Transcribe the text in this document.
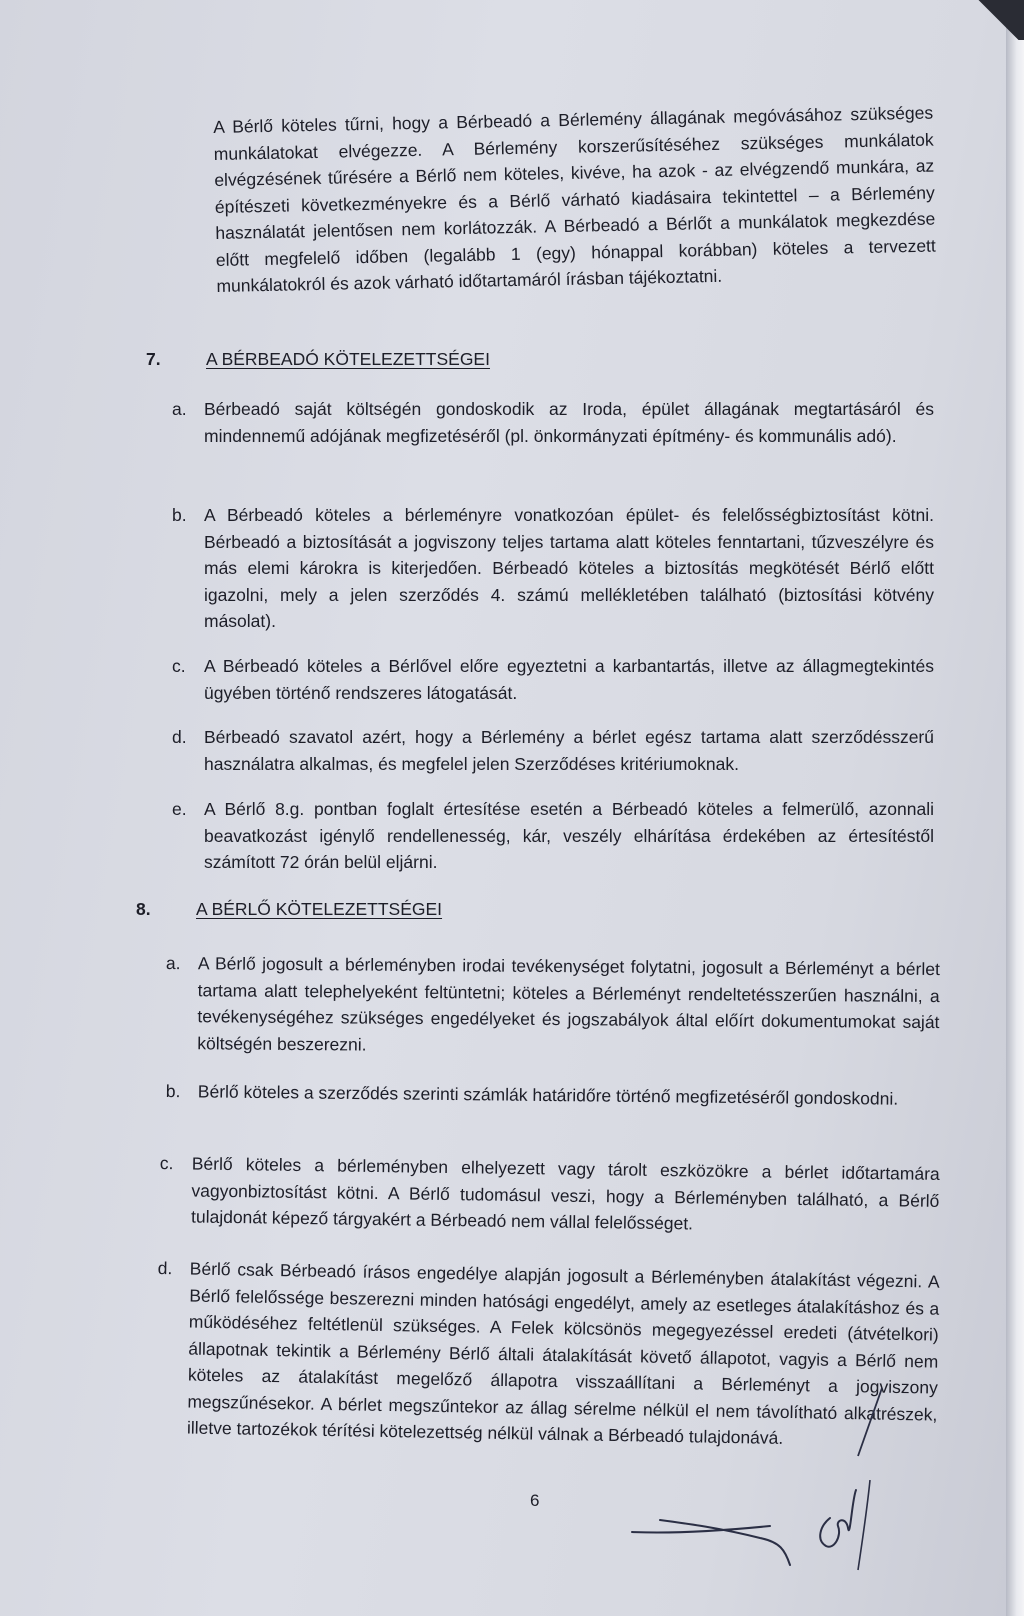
A Bérlő köteles tűrni, hogy a Bérbeadó a Bérlemény állagának megóvásához szükséges munkálatokat elvégezze. A Bérlemény korszerűsítéséhez szükséges munkálatok elvégzésének tűrésére a Bérlő nem köteles, kivéve, ha azok - az elvégzendő munkára, az építészeti következményekre és a Bérlő várható kiadásaira tekintettel – a Bérlemény használatát jelentősen nem korlátozzák. A Bérbeadó a Bérlőt a munkálatok megkezdése előtt megfelelő időben (legalább 1 (egy) hónappal korábban) köteles a tervezett munkálatokról és azok várható időtartamáról írásban tájékoztatni.

7.	A BÉRBEADÓ KÖTELEZETTSÉGEI
a. Bérbeadó saját költségén gondoskodik az Iroda, épület állagának megtartásáról és mindennemű adójának megfizetéséről (pl. önkormányzati építmény- és kommunális adó).
b. A Bérbeadó köteles a bérleményre vonatkozóan épület- és felelősségbiztosítást kötni. Bérbeadó a biztosítását a jogviszony teljes tartama alatt köteles fenntartani, tűzveszélyre és más elemi károkra is kiterjedően. Bérbeadó köteles a biztosítás megkötését Bérlő előtt igazolni, mely a jelen szerződés 4. számú mellékletében található (biztosítási kötvény másolat).
c. A Bérbeadó köteles a Bérlővel előre egyeztetni a karbantartás, illetve az állagmegtekintés ügyében történő rendszeres látogatását.
d. Bérbeadó szavatol azért, hogy a Bérlemény a bérlet egész tartama alatt szerződésszerű használatra alkalmas, és megfelel jelen Szerződéses kritériumoknak.
e. A Bérlő 8.g. pontban foglalt értesítése esetén a Bérbeadó köteles a felmerülő, azonnali beavatkozást igénylő rendellenesség, kár, veszély elhárítása érdekében az értesítéstől számított 72 órán belül eljárni.
8.	A BÉRLŐ KÖTELEZETTSÉGEI
a. A Bérlő jogosult a bérleményben irodai tevékenységet folytatni, jogosult a Bérleményt a bérlet tartama alatt telephelyeként feltüntetni; köteles a Bérleményt rendeltetésszerűen használni, a tevékenységéhez szükséges engedélyeket és jogszabályok által előírt dokumentumokat saját költségén beszerezni.
b. Bérlő köteles a szerződés szerinti számlák határidőre történő megfizetéséről gondoskodni.
c. Bérlő köteles a bérleményben elhelyezett vagy tárolt eszközökre a bérlet időtartamára vagyonbiztosítást kötni. A Bérlő tudomásul veszi, hogy a Bérleményben található, a Bérlő tulajdonát képező tárgyakért a Bérbeadó nem vállal felelősséget.
d. Bérlő csak Bérbeadó írásos engedélye alapján jogosult a Bérleményben átalakítást végezni. A Bérlő felelőssége beszerezni minden hatósági engedélyt, amely az esetleges átalakításhoz és a működéséhez feltétlenül szükséges. A Felek kölcsönös megegyezéssel eredeti (átvételkori) állapotnak tekintik a Bérlemény Bérlő általi átalakítását követő állapotot, vagyis a Bérlő nem köteles az átalakítást megelőző állapotra visszaállítani a Bérleményt a jogviszony megszűnésekor. A bérlet megszűntekor az állag sérelme nélkül el nem távolítható alkatrészek, illetve tartozékok térítési kötelezettség nélkül válnak a Bérbeadó tulajdonává.
6
